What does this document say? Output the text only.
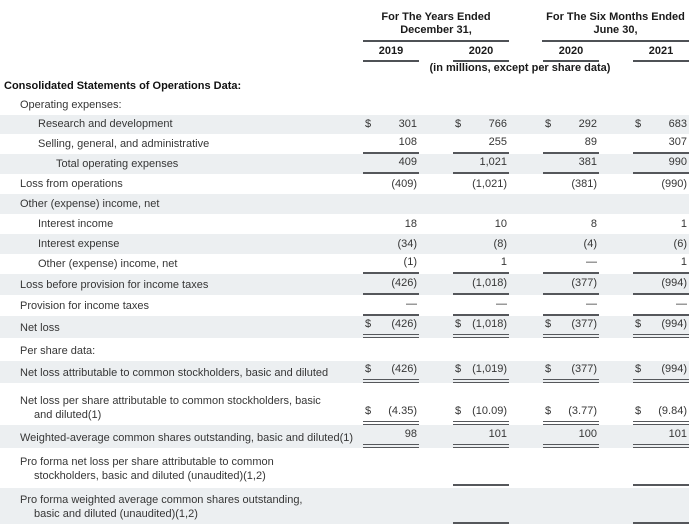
For The Years Ended
December 31,
For The Six Months Ended
June 30,
2019	2020	2020	2021
(in millions, except per share data)
Consolidated Statements of Operations Data:
Operating expenses:
Research and development	$	301	$	766	$	292	$	683
Selling, general, and administrative	108	255	89	307
Total operating expenses	409	1,021	381	990
Loss from operations	(409)	(1,021)	(381)	(990)
Other (expense) income, net
Interest income	18	10	8	1
Interest expense	(34)	(8)	(4)	(6)
Other (expense) income, net	(1)	1	—	1
Loss before provision for income taxes	(426)	(1,018)	(377)	(994)
Provision for income taxes	—	—	—	—
Net loss	$	(426)	$	(1,018)	$	(377)	$	(994)
Per share data:
Net loss attributable to common stockholders, basic and diluted	$	(426)	$	(1,019)	$	(377)	$	(994)
Net loss per share attributable to common stockholders, basic and diluted(1)	$	(4.35)	$	(10.09)	$	(3.77)	$	(9.84)
Weighted-average common shares outstanding, basic and diluted(1)	98	101	100	101
Pro forma net loss per share attributable to common stockholders, basic and diluted (unaudited)(1,2)
Pro forma weighted average common shares outstanding, basic and diluted (unaudited)(1,2)
